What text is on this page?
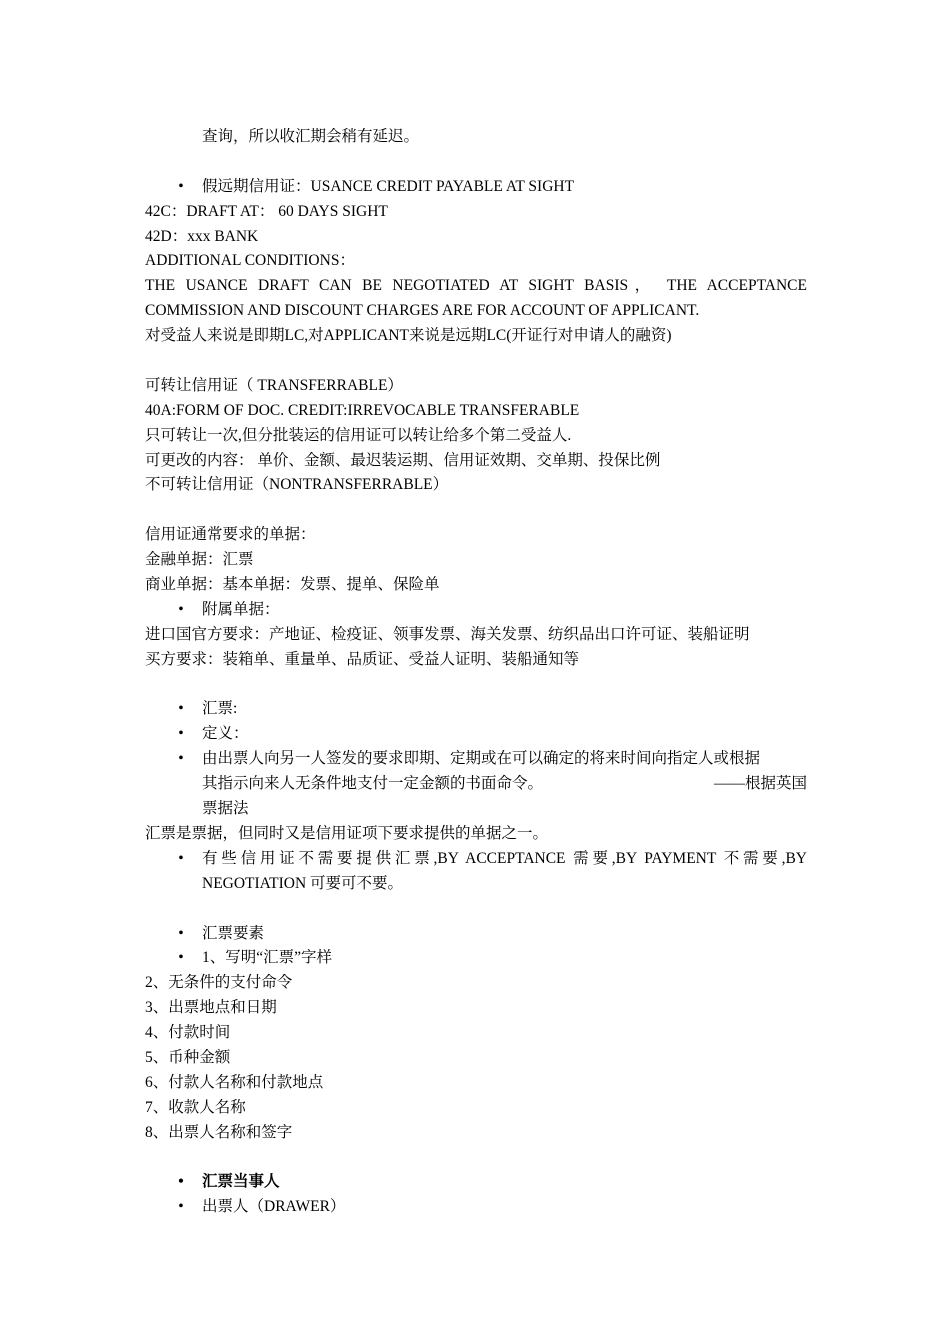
查询，所以收汇期会稍有延迟。
• 假远期信用证：USANCE CREDIT PAYABLE AT SIGHT
42C：DRAFT AT： 60 DAYS SIGHT
42D：xxx BANK
ADDITIONAL CONDITIONS：
THE USANCE DRAFT CAN BE NEGOTIATED AT SIGHT BASIS， THE ACCEPTANCE
COMMISSION AND DISCOUNT CHARGES ARE FOR ACCOUNT OF APPLICANT.
对受益人来说是即期LC,对APPLICANT来说是远期LC(开证行对申请人的融资)
可转让信用证（ TRANSFERRABLE）
40A:FORM OF DOC. CREDIT:IRREVOCABLE TRANSFERABLE
只可转让一次,但分批装运的信用证可以转让给多个第二受益人.
可更改的内容： 单价、金额、最迟装运期、信用证效期、交单期、投保比例
不可转让信用证（NONTRANSFERRABLE）
信用证通常要求的单据：
金融单据：汇票
商业单据：基本单据：发票、提单、保险单
• 附属单据：
进口国官方要求：产地证、检疫证、领事发票、海关发票、纺织品出口许可证、装船证明
买方要求：装箱单、重量单、品质证、受益人证明、装船通知等
• 汇票:
• 定义：
• 由出票人向另一人签发的要求即期、定期或在可以确定的将来时间向指定人或根据
其指示向来人无条件地支付一定金额的书面命令。	——根据英国
票据法
汇票是票据，但同时又是信用证项下要求提供的单据之一。
• 有些信用证不需要提供汇票,BY ACCEPTANCE 需要,BY PAYMENT 不需要,BY
NEGOTIATION 可要可不要。
• 汇票要素
• 1、写明“汇票”字样
2、无条件的支付命令
3、出票地点和日期
4、付款时间
5、币种金额
6、付款人名称和付款地点
7、收款人名称
8、出票人名称和签字
• 汇票当事人
• 出票人（DRAWER）
